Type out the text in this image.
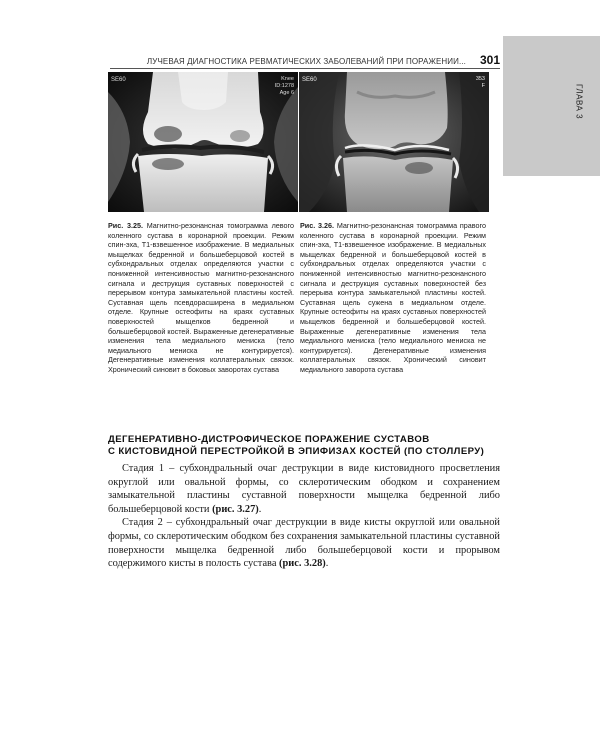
ГЛАВА 3
ЛУЧЕВАЯ ДИАГНОСТИКА РЕВМАТИЧЕСКИХ ЗАБОЛЕВАНИЙ ПРИ ПОРАЖЕНИИ... 301
SE60	Knee
ID:1278
Age 6
SE60	353
F

Рис. 3.25. Магнитно-резонансная томограмма левого коленного сустава в коронарной проекции. Режим спин-эха, Т1-взвешенное изображение. В медиальных мыщелках бедренной и большеберцовой костей в субхондральных отделах определяются участки с пониженной интенсивностью магнитно-резонансного сигнала и деструкция суставных поверхностей с перерывом контура замыкательной пластины костей. Суставная щель псевдорасширена в медиальном отделе. Крупные остеофиты на краях суставных поверхностей мыщелков бедренной и большеберцовой костей. Выраженные дегенеративные изменения тела медиального мениска (тело медиального мениска не контурируется). Дегенеративные изменения коллатеральных связок. Хронический синовит в боковых заворотах сустава

Рис. 3.26. Магнитно-резонансная томограмма правого коленного сустава в коронарной проекции. Режим спин-эха, Т1-взвешенное изображение. В медиальных мыщелках бедренной и большеберцовой костей в субхондральных отделах определяются участки с пониженной интенсивностью магнитно-резонансного сигнала и деструкция суставных поверхностей без перерыва контура замыкательной пластины костей. Суставная щель сужена в медиальном отделе. Крупные остеофиты на краях суставных поверхностей мыщелков бедренной и большеберцовой костей. Выраженные дегенеративные изменения тела медиального мениска (тело медиального мениска не контурируется). Дегенеративные изменения коллатеральных связок. Хронический синовит медиального заворота сустава

ДЕГЕНЕРАТИВНО-ДИСТРОФИЧЕСКОЕ ПОРАЖЕНИЕ СУСТАВОВ
С КИСТОВИДНОЙ ПЕРЕСТРОЙКОЙ В ЭПИФИЗАХ КОСТЕЙ (ПО СТОЛЛЕРУ)

Стадия 1 – субхондральный очаг деструкции в виде кистовидного просветления округлой или овальной формы, со склеротическим ободком и сохранением замыкательной пластины суставной поверхности мыщелка бедренной либо большеберцовой кости (рис. 3.27).

Стадия 2 – субхондральный очаг деструкции в виде кисты округлой или овальной формы, со склеротическим ободком без сохранения замыкательной пластины суставной поверхности мыщелка бедренной либо большеберцовой кости и прорывом содержимого кисты в полость сустава (рис. 3.28).
